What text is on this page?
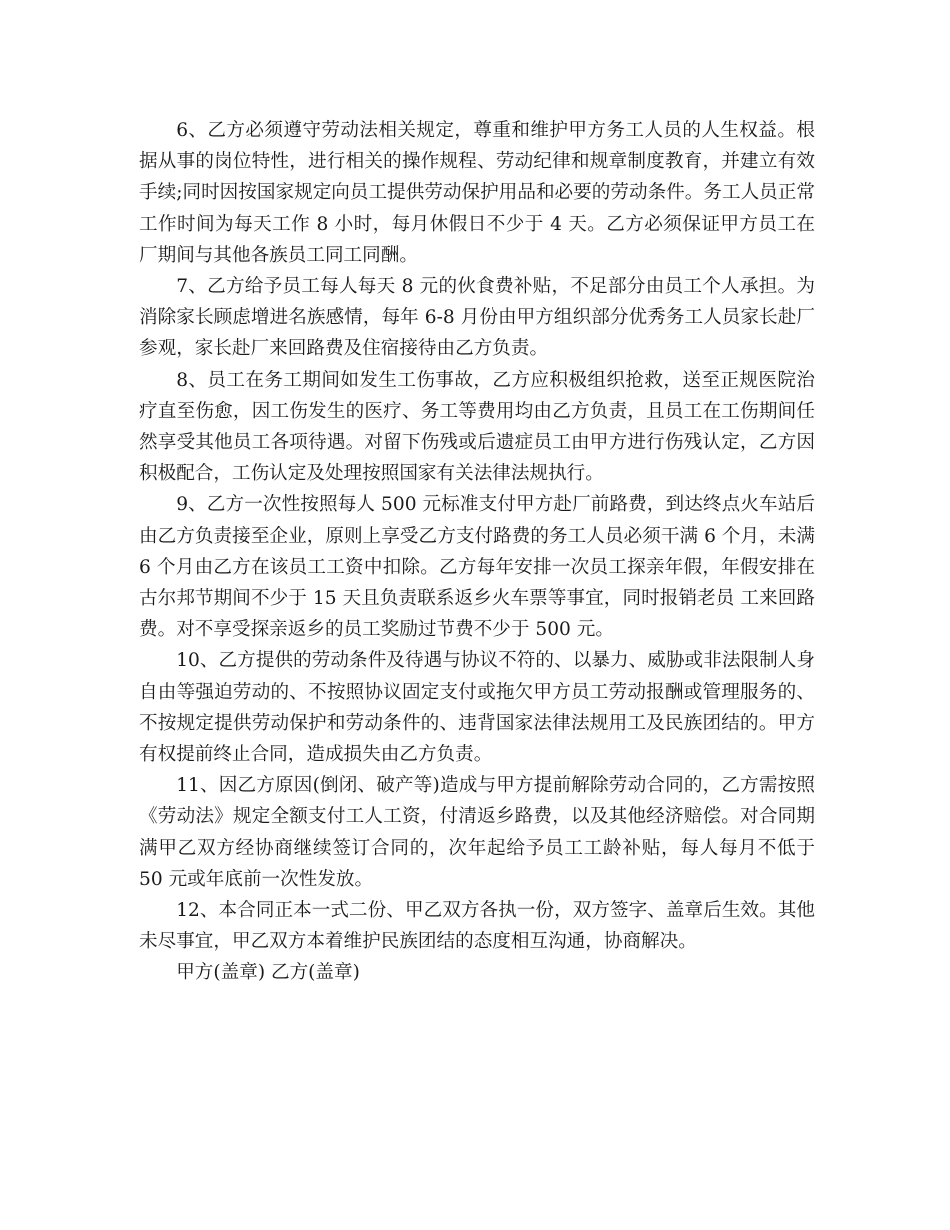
6、乙方必须遵守劳动法相关规定，尊重和维护甲方务工人员的人生权益。根据从事的岗位特性，进行相关的操作规程、劳动纪律和规章制度教育，并建立有效手续;同时因按国家规定向员工提供劳动保护用品和必要的劳动条件。务工人员正常工作时间为每天工作 8 小时，每月休假日不少于 4 天。乙方必须保证甲方员工在厂期间与其他各族员工同工同酬。

7、乙方给予员工每人每天 8 元的伙食费补贴，不足部分由员工个人承担。为消除家长顾虑增进名族感情，每年 6-8 月份由甲方组织部分优秀务工人员家长赴厂参观，家长赴厂来回路费及住宿接待由乙方负责。

8、员工在务工期间如发生工伤事故，乙方应积极组织抢救，送至正规医院治疗直至伤愈，因工伤发生的医疗、务工等费用均由乙方负责，且员工在工伤期间任然享受其他员工各项待遇。对留下伤残或后遗症员工由甲方进行伤残认定，乙方因积极配合，工伤认定及处理按照国家有关法律法规执行。

9、乙方一次性按照每人 500 元标准支付甲方赴厂前路费，到达终点火车站后由乙方负责接至企业，原则上享受乙方支付路费的务工人员必须干满 6 个月，未满 6 个月由乙方在该员工工资中扣除。乙方每年安排一次员工探亲年假，年假安排在古尔邦节期间不少于 15 天且负责联系返乡火车票等事宜，同时报销老员 工来回路费。对不享受探亲返乡的员工奖励过节费不少于 500 元。

10、乙方提供的劳动条件及待遇与协议不符的、以暴力、威胁或非法限制人身自由等强迫劳动的、不按照协议固定支付或拖欠甲方员工劳动报酬或管理服务的、不按规定提供劳动保护和劳动条件的、违背国家法律法规用工及民族团结的。甲方有权提前终止合同，造成损失由乙方负责。

11、因乙方原因(倒闭、破产等)造成与甲方提前解除劳动合同的，乙方需按照《劳动法》规定全额支付工人工资，付清返乡路费，以及其他经济赔偿。对合同期满甲乙双方经协商继续签订合同的，次年起给予员工工龄补贴，每人每月不低于 50 元或年底前一次性发放。

12、本合同正本一式二份、甲乙双方各执一份，双方签字、盖章后生效。其他未尽事宜，甲乙双方本着维护民族团结的态度相互沟通，协商解决。

甲方(盖章) 乙方(盖章)
